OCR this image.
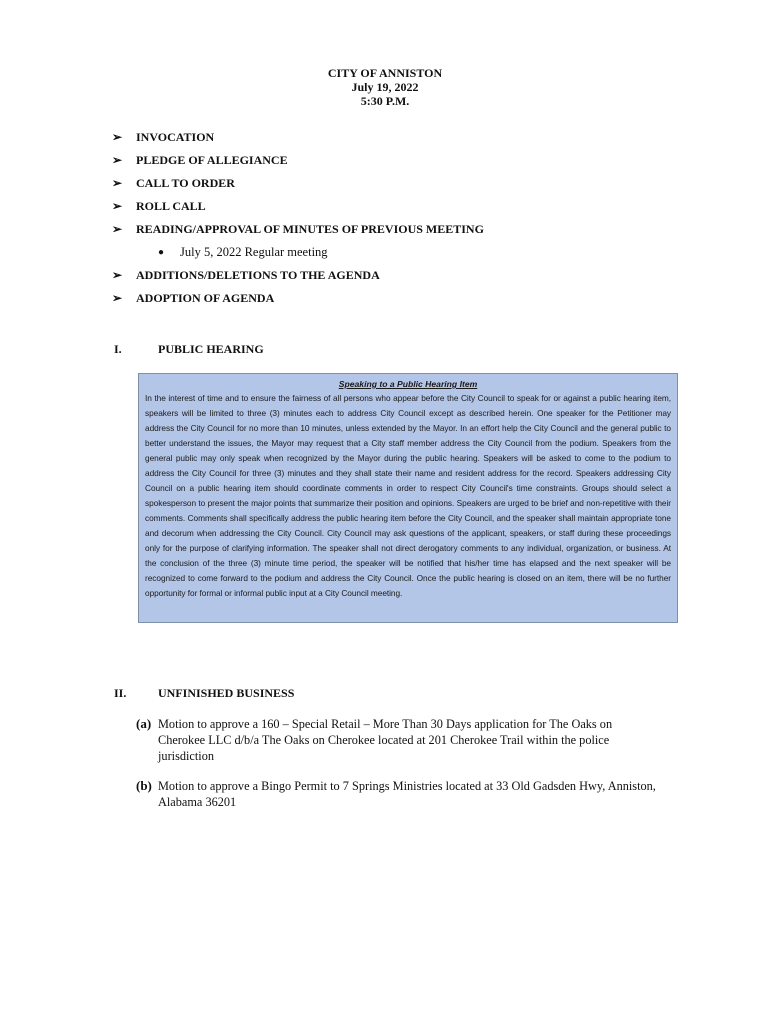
CITY OF ANNISTON
July 19, 2022
5:30 P.M.
➢	INVOCATION
➢	PLEDGE OF ALLEGIANCE
➢	CALL TO ORDER
➢	ROLL CALL
➢	READING/APPROVAL OF MINUTES OF PREVIOUS MEETING
●	July 5, 2022 Regular meeting
➢	ADDITIONS/DELETIONS TO THE AGENDA
➢	ADOPTION OF AGENDA
I.	PUBLIC HEARING
Speaking to a Public Hearing Item
In the interest of time and to ensure the fairness of all persons who appear before the City Council to speak for or against a public hearing item, speakers will be limited to three (3) minutes each to address City Council except as described herein. One speaker for the Petitioner may address the City Council for no more than 10 minutes, unless extended by the Mayor. In an effort help the City Council and the general public to better understand the issues, the Mayor may request that a City staff member address the City Council from the podium. Speakers from the general public may only speak when recognized by the Mayor during the public hearing. Speakers will be asked to come to the podium to address the City Council for three (3) minutes and they shall state their name and resident address for the record. Speakers addressing City Council on a public hearing item should coordinate comments in order to respect City Council's time constraints. Groups should select a spokesperson to present the major points that summarize their position and opinions. Speakers are urged to be brief and non-repetitive with their comments. Comments shall specifically address the public hearing item before the City Council, and the speaker shall maintain appropriate tone and decorum when addressing the City Council. City Council may ask questions of the applicant, speakers, or staff during these proceedings only for the purpose of clarifying information. The speaker shall not direct derogatory comments to any individual, organization, or business. At the conclusion of the three (3) minute time period, the speaker will be notified that his/her time has elapsed and the next speaker will be recognized to come forward to the podium and address the City Council. Once the public hearing is closed on an item, there will be no further opportunity for formal or informal public input at a City Council meeting.
II.	UNFINISHED BUSINESS
(a) Motion to approve a 160 – Special Retail – More Than 30 Days application for The Oaks on Cherokee LLC d/b/a The Oaks on Cherokee located at 201 Cherokee Trail within the police jurisdiction
(b) Motion to approve a Bingo Permit to 7 Springs Ministries located at 33 Old Gadsden Hwy, Anniston, Alabama 36201
